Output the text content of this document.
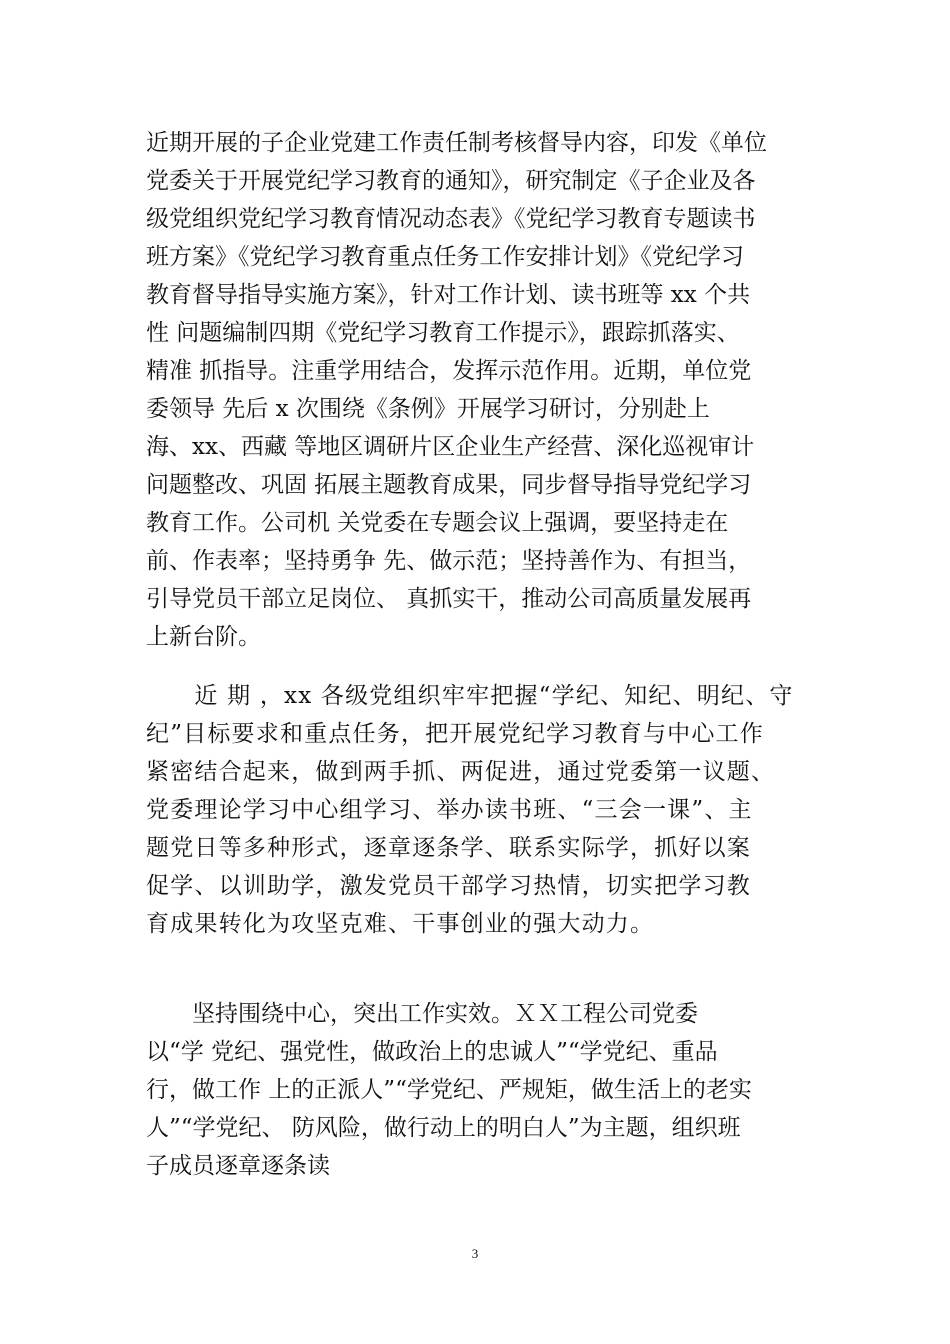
近期开展的子企业党建工作责任制考核督导内容，印发《单位
党委关于开展党纪学习教育的通知》，研究制定《子企业及各
级党组织党纪学习教育情况动态表》《党纪学习教育专题读书
班方案》《党纪学习教育重点任务工作安排计划》《党纪学习
教育督导指导实施方案》，针对工作计划、读书班等 xx 个共
性 问题编制四期《党纪学习教育工作提示》，跟踪抓落实、
精准 抓指导。注重学用结合，发挥示范作用。近期，单位党
委领导 先后 x 次围绕《条例》开展学习研讨，分别赴上
海、xx、西藏 等地区调研片区企业生产经营、深化巡视审计
问题整改、巩固 拓展主题教育成果，同步督导指导党纪学习
教育工作。公司机 关党委在专题会议上强调，要坚持走在
前、作表率；坚持勇争 先、做示范；坚持善作为、有担当，
引导党员干部立足岗位、 真抓实干，推动公司高质量发展再
上新台阶。
　　近 期 ，xx 各级党组织牢牢把握“学纪、知纪、明纪、守
纪”目标要求和重点任务，把开展党纪学习教育与中心工作
紧密结合起来，做到两手抓、两促进，通过党委第一议题、
党委理论学习中心组学习、举办读书班、“三会一课”、主
题党日等多种形式，逐章逐条学、联系实际学，抓好以案
促学、以训助学，激发党员干部学习热情，切实把学习教
育成果转化为攻坚克难、干事创业的强大动力。
　　坚持围绕中心，突出工作实效。ＸＸ工程公司党委
以“学 党纪、强党性，做政治上的忠诚人”“学党纪、重品
行，做工作 上的正派人”“学党纪、严规矩，做生活上的老实
人”“学党纪、 防风险，做行动上的明白人”为主题，组织班
子成员逐章逐条读
3
